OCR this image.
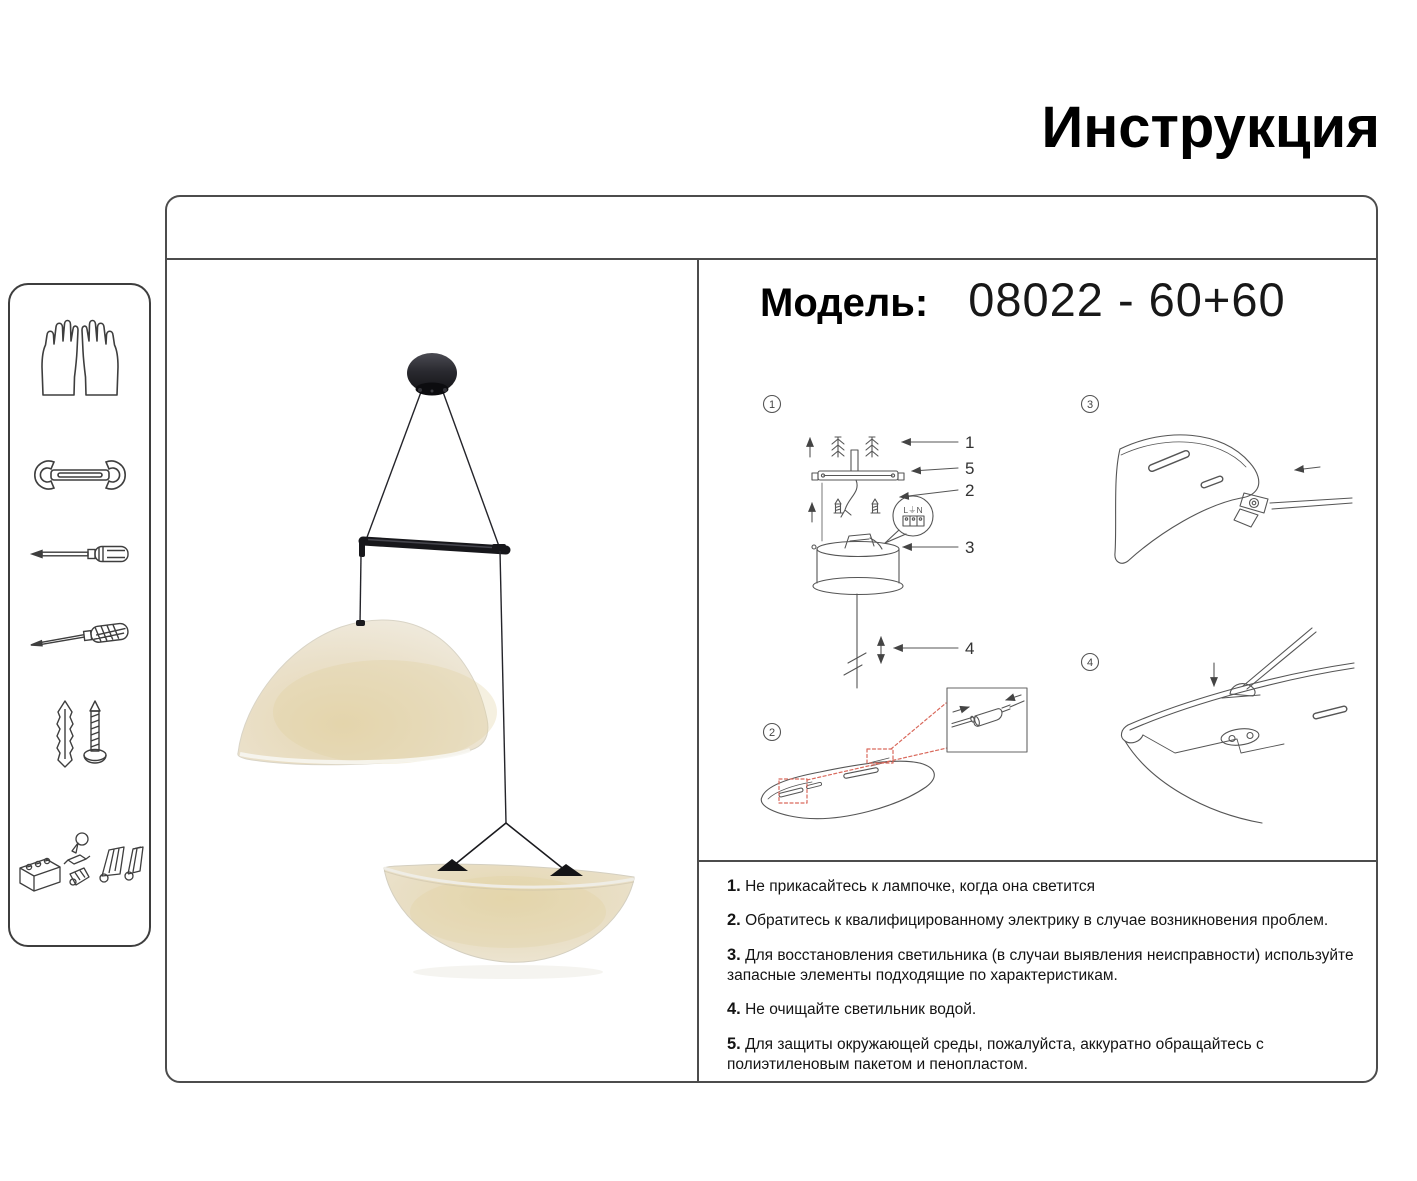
Инструкция
Модель: 08022 - 60+60
1
2
3
4
L⏚N
1
5
2
3
4

1. Не прикасайтесь к лампочке, когда она светится

2. Обратитесь к квалифицированному электрику в случае возникновения проблем.

3. Для восстановления светильника (в случаи выявления неисправности) используйте запасные элементы подходящие по характеристикам.

4. Не очищайте светильник водой.

5. Для защиты окружающей среды, пожалуйста, аккуратно обращайтесь с полиэтиленовым пакетом и пенопластом.
